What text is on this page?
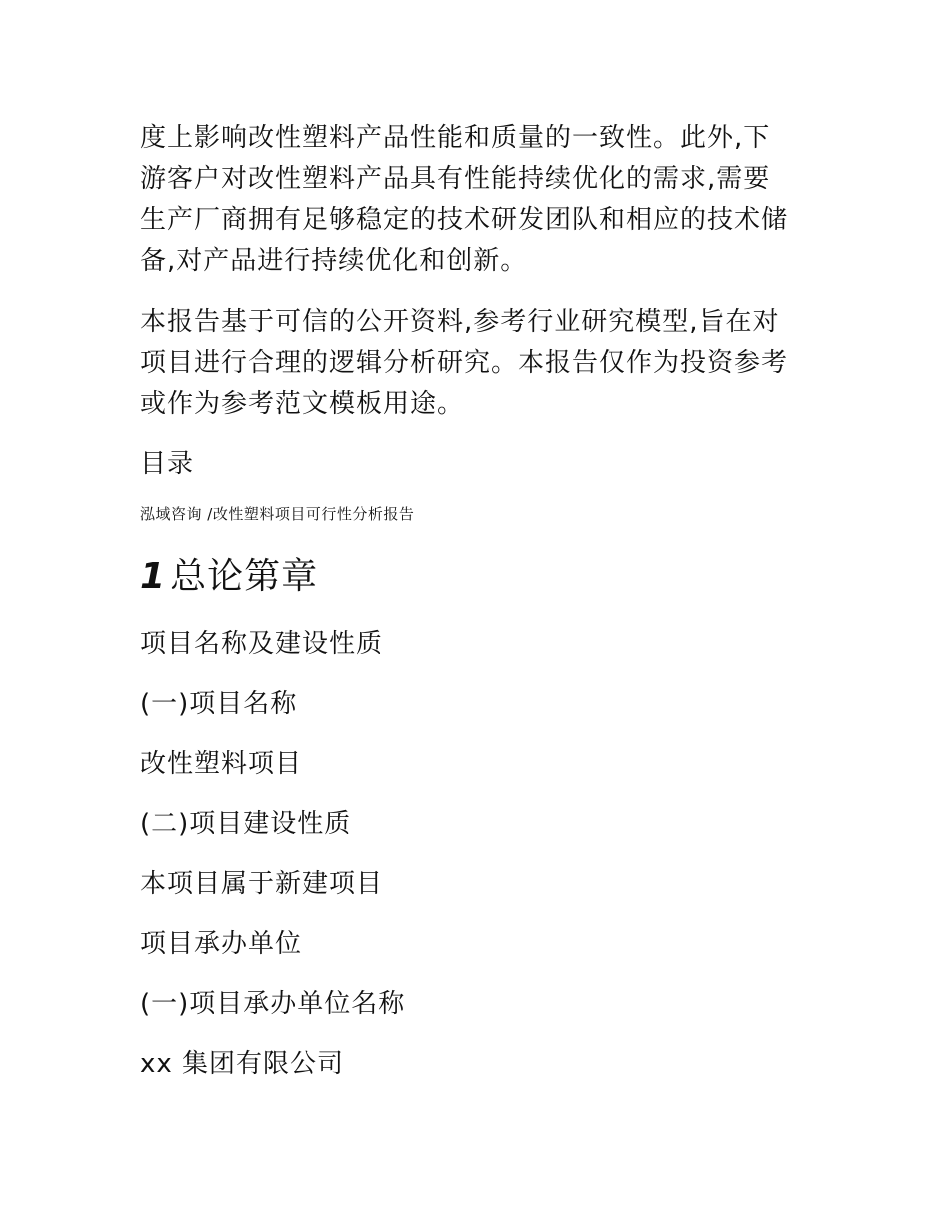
度上影响改性塑料产品性能和质量的一致性。此外,下
游客户对改性塑料产品具有性能持续优化的需求,需要
生产厂商拥有足够稳定的技术研发团队和相应的技术储
备,对产品进行持续优化和创新。
本报告基于可信的公开资料,参考行业研究模型,旨在对
项目进行合理的逻辑分析研究。本报告仅作为投资参考
或作为参考范文模板用途。

目录

泓域咨询 /改性塑料项目可行性分析报告

1 总论第章

项目名称及建设性质

(一)项目名称

改性塑料项目

(二)项目建设性质

本项目属于新建项目

项目承办单位

(一)项目承办单位名称

xx 集团有限公司
